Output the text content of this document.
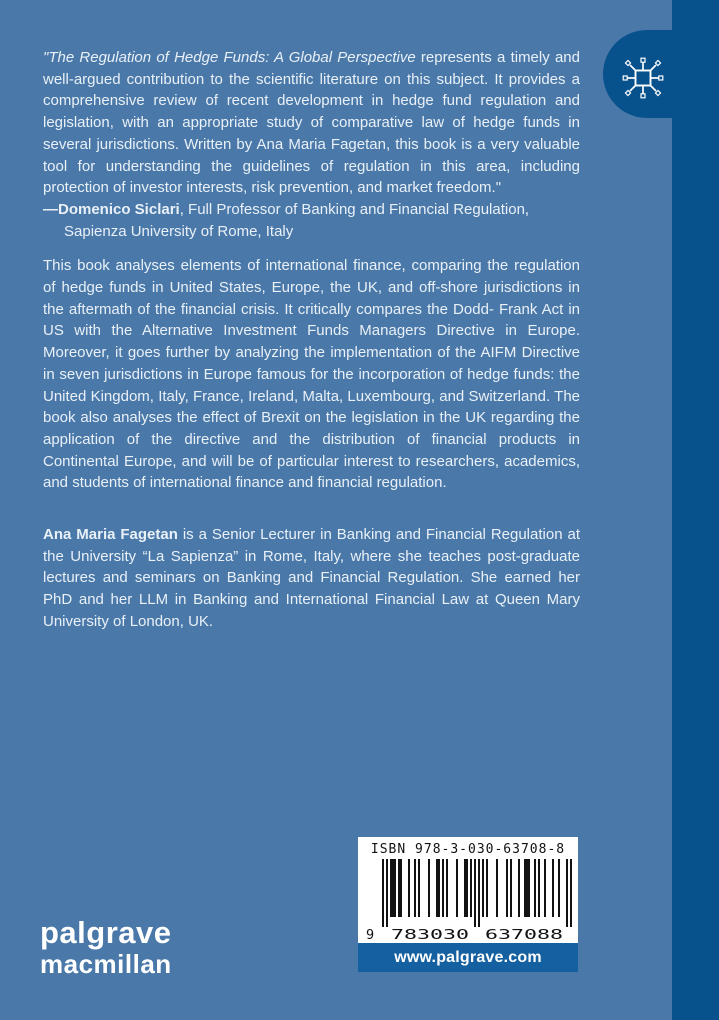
"The Regulation of Hedge Funds: A Global Perspective represents a timely and well-argued contribution to the scientific literature on this subject. It provides a comprehensive review of recent development in hedge fund regulation and legislation, with an appropriate study of comparative law of hedge funds in several jurisdictions. Written by Ana Maria Fagetan, this book is a very valuable tool for understanding the guidelines of regulation in this area, including protection of investor interests, risk prevention, and market freedom."

—Domenico Siclari, Full Professor of Banking and Financial Regulation,
Sapienza University of Rome, Italy

This book analyses elements of international finance, comparing the regulation of hedge funds in United States, Europe, the UK, and off-shore jurisdictions in the aftermath of the financial crisis. It critically compares the Dodd- Frank Act in US with the Alternative Investment Funds Managers Directive in Europe. Moreover, it goes further by analyzing the implementation of the AIFM Directive in seven jurisdictions in Europe famous for the incorporation of hedge funds: the United Kingdom, Italy, France, Ireland, Malta, Luxembourg, and Switzerland. The book also analyses the effect of Brexit on the legislation in the UK regarding the application of the directive and the distribution of financial products in Continental Europe, and will be of particular interest to researchers, academics, and students of international finance and financial regulation.

Ana Maria Fagetan is a Senior Lecturer in Banking and Financial Regulation at the University “La Sapienza” in Rome, Italy, where she teaches post-graduate lectures and seminars on Banking and Financial Regulation. She earned her PhD and her LLM in Banking and International Financial Law at Queen Mary University of London, UK.

ISBN 978-3-030-63708-8
9 783030 637088
www.palgrave.com
palgrave
macmillan
